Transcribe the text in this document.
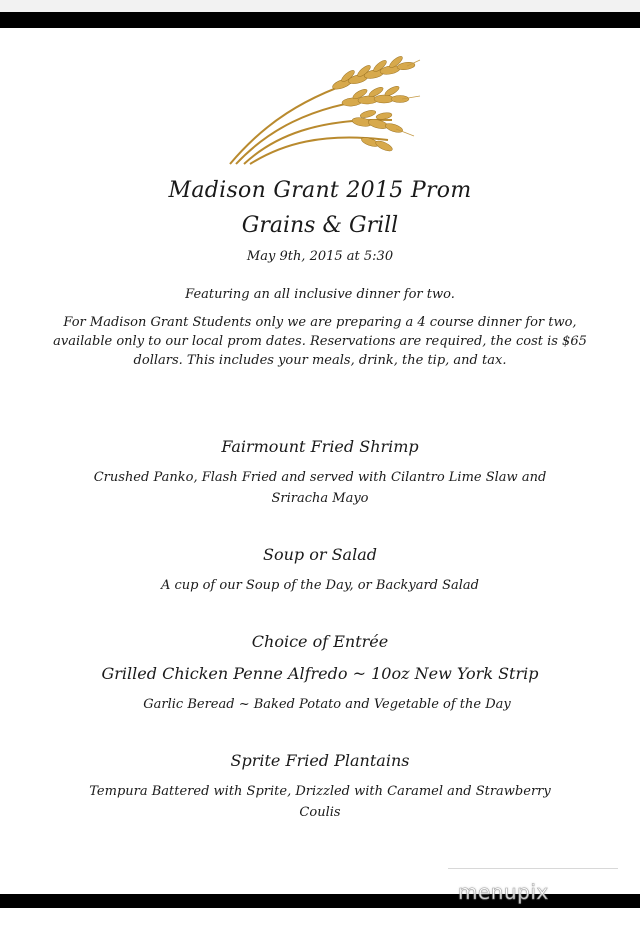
Madison Grant 2015 Prom
Grains & Grill
May 9th, 2015 at 5:30
Featuring an all inclusive dinner for two.
For Madison Grant Students only we are preparing a 4 course dinner for two,
available only to our local prom dates. Reservations are required, the cost is $65
dollars. This includes your meals, drink, the tip, and tax.
Fairmount Fried Shrimp
Crushed Panko, Flash Fried and served with Cilantro Lime Slaw and
Sriracha Mayo
Soup or Salad
A cup of our Soup of the Day, or Backyard Salad
Choice of Entrée
Grilled Chicken Penne Alfredo ~ 10oz New York Strip
Garlic Beread ~ Baked Potato and Vegetable of the Day
Sprite Fried Plantains
Tempura Battered with Sprite, Drizzled with Caramel and Strawberry
Coulis
menupix
